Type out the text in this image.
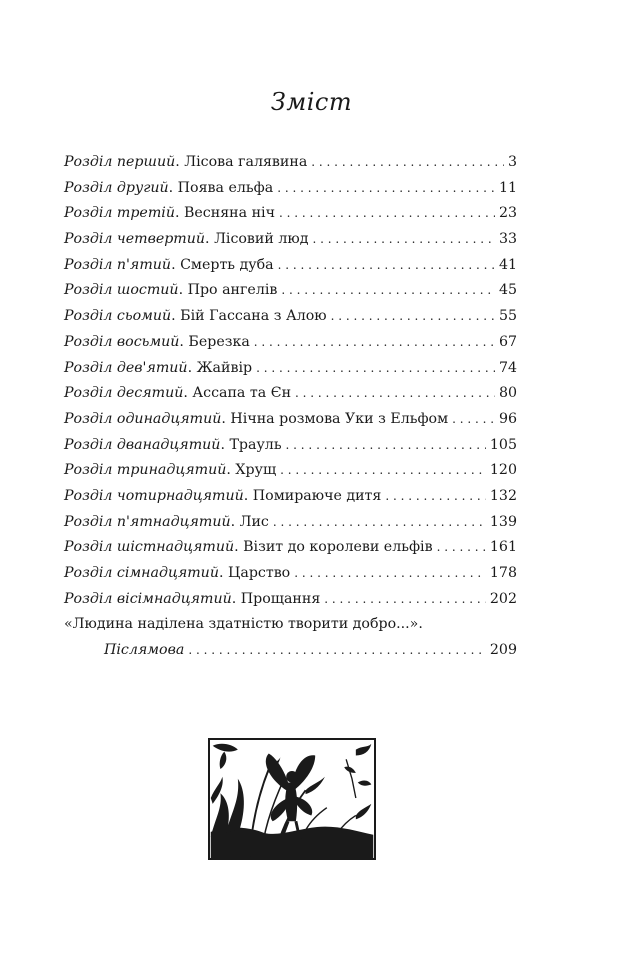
Зміст
Розділ перший. Лісова галявина . . .	3
Розділ другий. Поява ельфа . . .	11
Розділ третій. Весняна ніч . . .	23
Розділ четвертий. Лісовий люд . . .	33
Розділ п'ятий. Смерть дуба . . .	41
Розділ шостий. Про ангелів . . .	45
Розділ сьомий. Бій Гассана з Алою . . .	55
Розділ восьмий. Березка . . .	67
Розділ дев'ятий. Жайвір . . .	74
Розділ десятий. Ассапа та Єн . . .	80
Розділ одинадцятий. Нічна розмова Уки з Ельфом . . .	96
Розділ дванадцятий. Трауль . . .	105
Розділ тринадцятий. Хрущ . . .	120
Розділ чотирнадцятий. Помираюче дитя . . .	132
Розділ п'ятнадцятий. Лис . . .	139
Розділ шістнадцятий. Візит до королеви ельфів . . .	161
Розділ сімнадцятий. Царство . . .	178
Розділ вісімнадцятий. Прощання . . .	202
«Людина наділена здатністю творити добро...».
Післямова . . .	209
